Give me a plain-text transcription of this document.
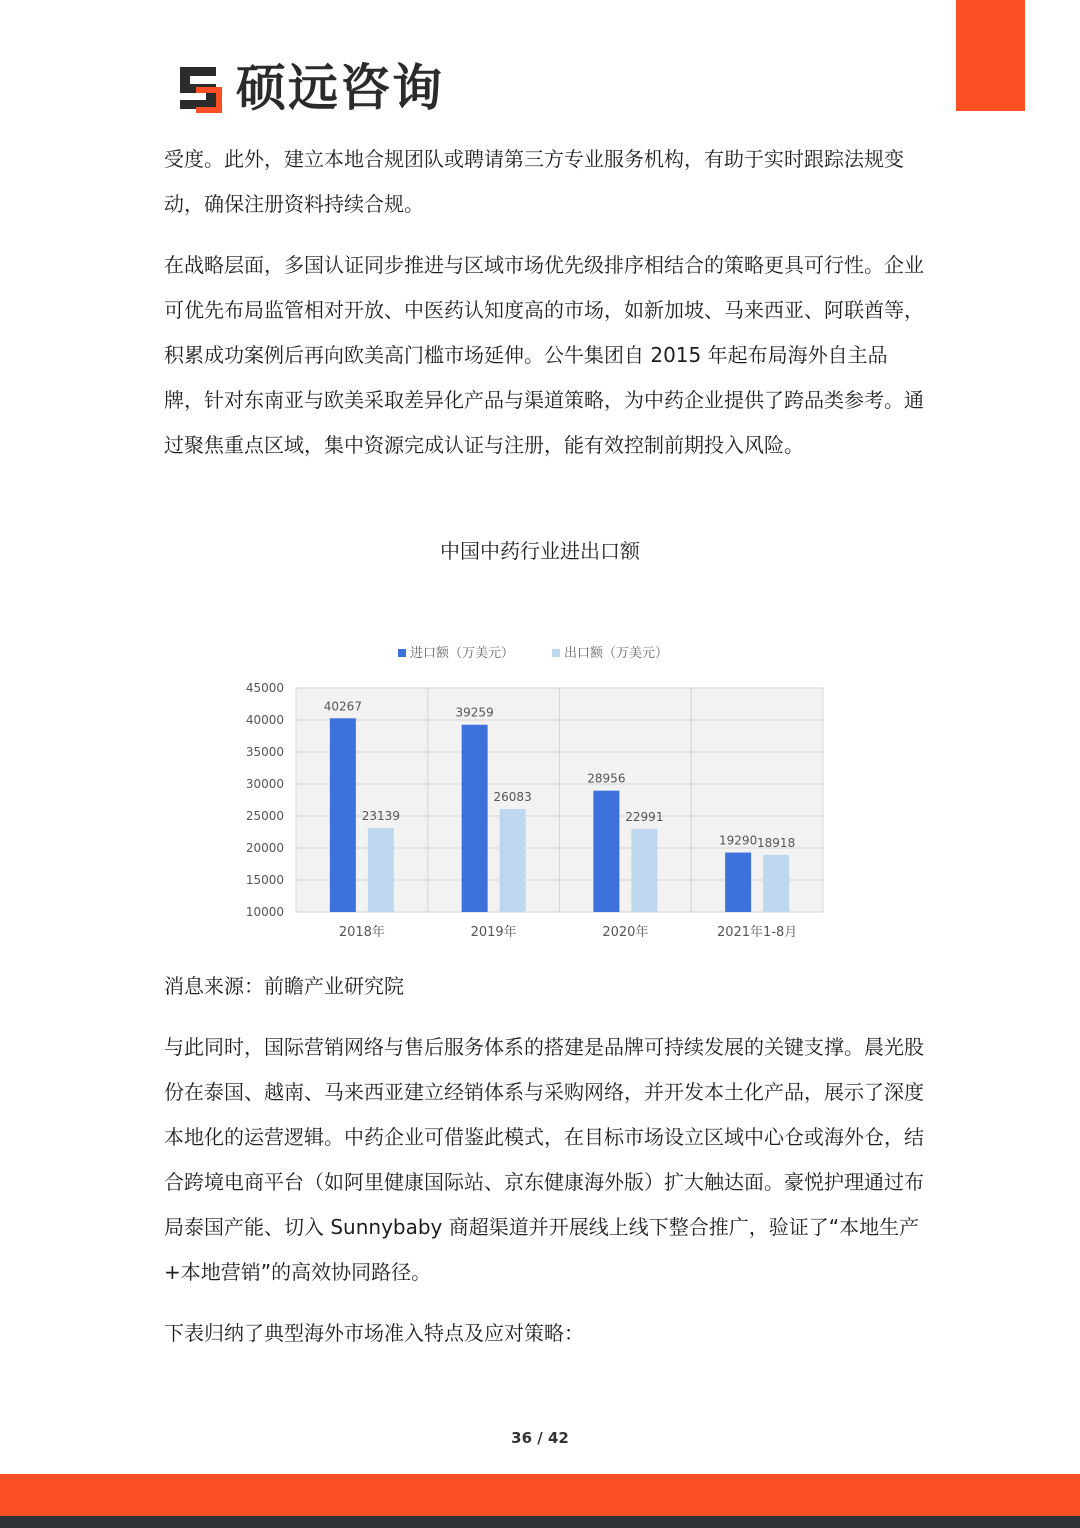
硕远咨询

受度。此外，建立本地合规团队或聘请第三方专业服务机构，有助于实时跟踪法规变动，确保注册资料持续合规。

在战略层面，多国认证同步推进与区域市场优先级排序相结合的策略更具可行性。企业可优先布局监管相对开放、中医药认知度高的市场，如新加坡、马来西亚、阿联酋等，积累成功案例后再向欧美高门槛市场延伸。公牛集团自 2015 年起布局海外自主品牌，针对东南亚与欧美采取差异化产品与渠道策略，为中药企业提供了跨品类参考。通过聚焦重点区域，集中资源完成认证与注册，能有效控制前期投入风险。

中国中药行业进出口额

45000
40000
35000
30000
25000
20000
15000
10000
40267
23139
2018年
39259
26083
2019年
28956
22991
2020年
19290 18918
2021年1-8月
进口额（万美元）	出口额（万美元）

消息来源：前瞻产业研究院

与此同时，国际营销网络与售后服务体系的搭建是品牌可持续发展的关键支撑。晨光股份在泰国、越南、马来西亚建立经销体系与采购网络，并开发本土化产品，展示了深度本地化的运营逻辑。中药企业可借鉴此模式，在目标市场设立区域中心仓或海外仓，结合跨境电商平台（如阿里健康国际站、京东健康海外版）扩大触达面。豪悦护理通过布局泰国产能、切入 Sunnybaby 商超渠道并开展线上线下整合推广，验证了“本地生产+本地营销”的高效协同路径。

下表归纳了典型海外市场准入特点及应对策略：

36 / 42
